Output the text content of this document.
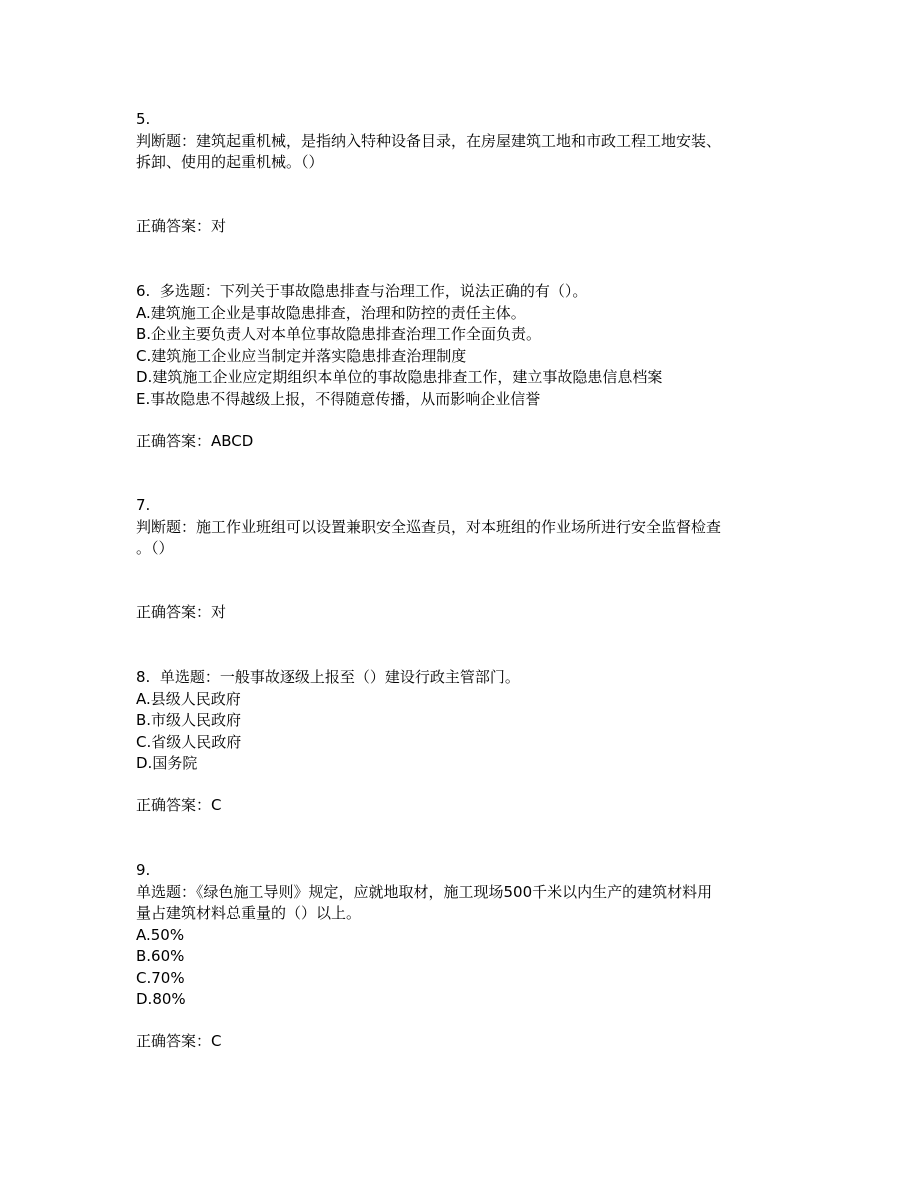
5.
判断题：建筑起重机械，是指纳入特种设备目录，在房屋建筑工地和市政工程工地安装、
拆卸、使用的起重机械。（）
正确答案：对
6.  多选题：下列关于事故隐患排查与治理工作，说法正确的有（）。
A.建筑施工企业是事故隐患排查，治理和防控的责任主体。
B.企业主要负责人对本单位事故隐患排查治理工作全面负责。
C.建筑施工企业应当制定并落实隐患排查治理制度
D.建筑施工企业应定期组织本单位的事故隐患排查工作，建立事故隐患信息档案
E.事故隐患不得越级上报，不得随意传播，从而影响企业信誉
正确答案：ABCD
7.
判断题：施工作业班组可以设置兼职安全巡查员，对本班组的作业场所进行安全监督检查
。（）
正确答案：对
8.  单选题：一般事故逐级上报至（）建设行政主管部门。
A.县级人民政府
B.市级人民政府
C.省级人民政府
D.国务院
正确答案：C
9.
单选题：《绿色施工导则》规定，应就地取材，施工现场500千米以内生产的建筑材料用
量占建筑材料总重量的（）以上。
A.50%
B.60%
C.70%
D.80%
正确答案：C
